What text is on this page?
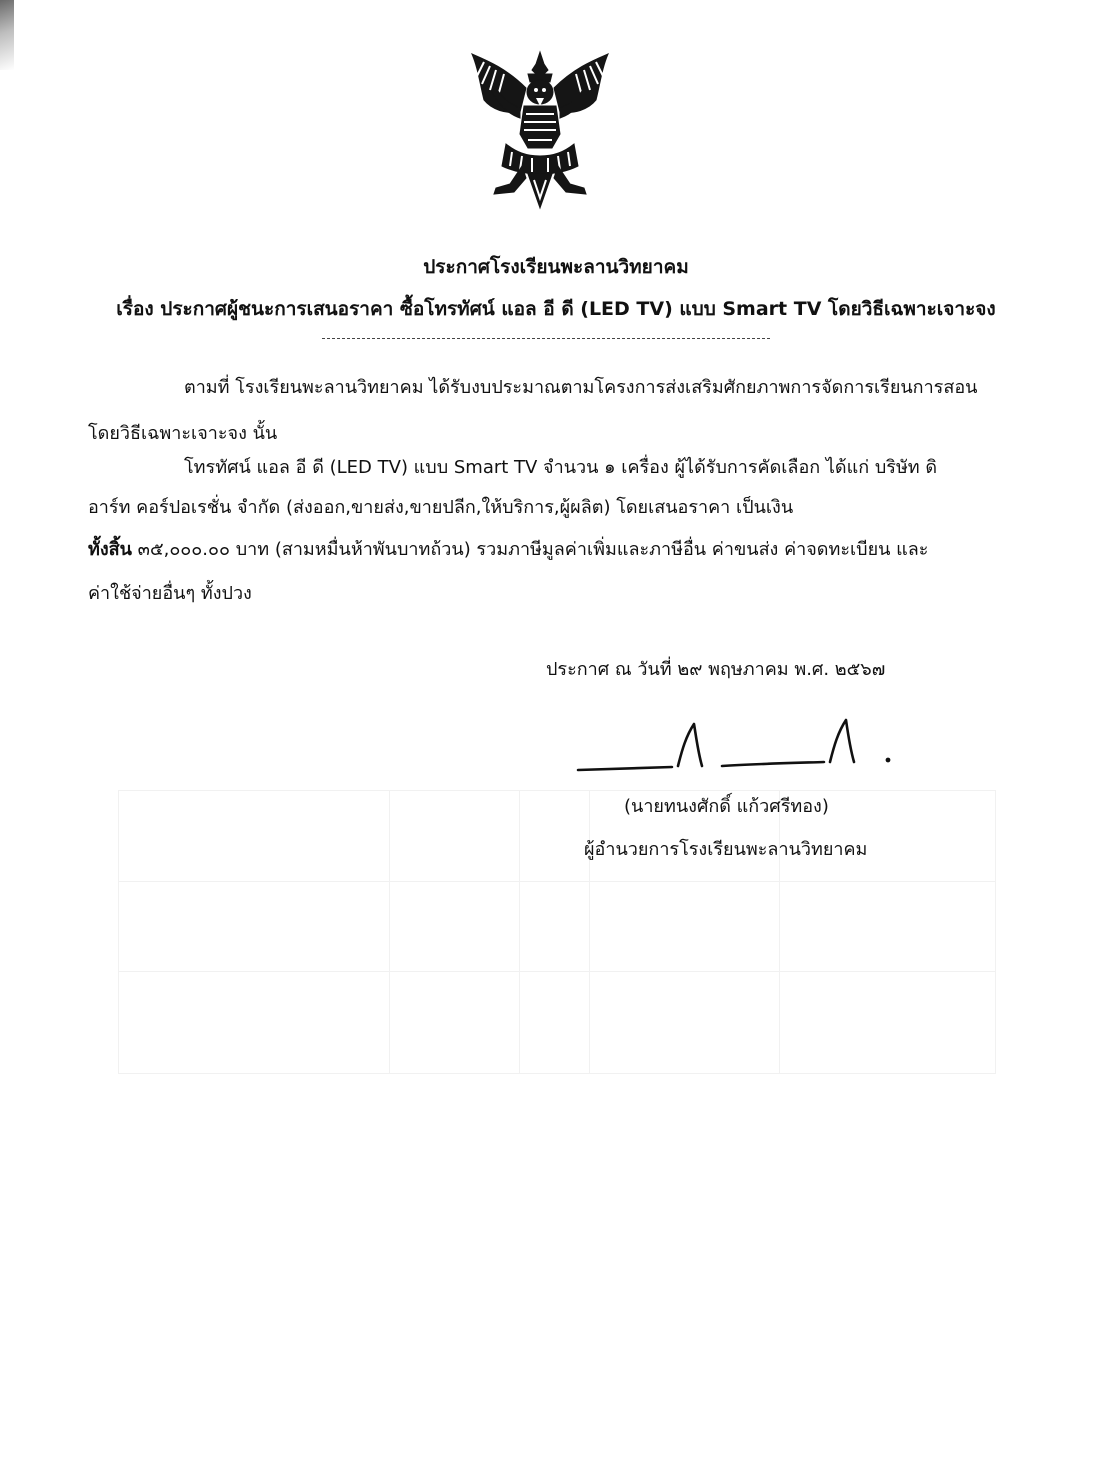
ประกาศโรงเรียนพะลานวิทยาคม
เรื่อง ประกาศผู้ชนะการเสนอราคา ซื้อโทรทัศน์ แอล อี ดี (LED TV) แบบ Smart TV โดยวิธีเฉพาะเจาะจง
ตามที่ โรงเรียนพะลานวิทยาคม ได้รับงบประมาณตามโครงการส่งเสริมศักยภาพการจัดการเรียนการสอน
โดยวิธีเฉพาะเจาะจง นั้น
โทรทัศน์ แอล อี ดี (LED TV) แบบ Smart TV จำนวน ๑ เครื่อง ผู้ได้รับการคัดเลือก ได้แก่ บริษัท ดิ
อาร์ท คอร์ปอเรชั่น จำกัด (ส่งออก,ขายส่ง,ขายปลีก,ให้บริการ,ผู้ผลิต) โดยเสนอราคา เป็นเงิน
ทั้งสิ้น ๓๕,๐๐๐.๐๐ บาท (สามหมื่นห้าพันบาทถ้วน) รวมภาษีมูลค่าเพิ่มและภาษีอื่น ค่าขนส่ง ค่าจดทะเบียน และ
ค่าใช้จ่ายอื่นๆ ทั้งปวง
ประกาศ ณ วันที่ ๒๙ พฤษภาคม พ.ศ. ๒๕๖๗
(นายทนงศักดิ์ แก้วศรีทอง)
ผู้อำนวยการโรงเรียนพะลานวิทยาคม
